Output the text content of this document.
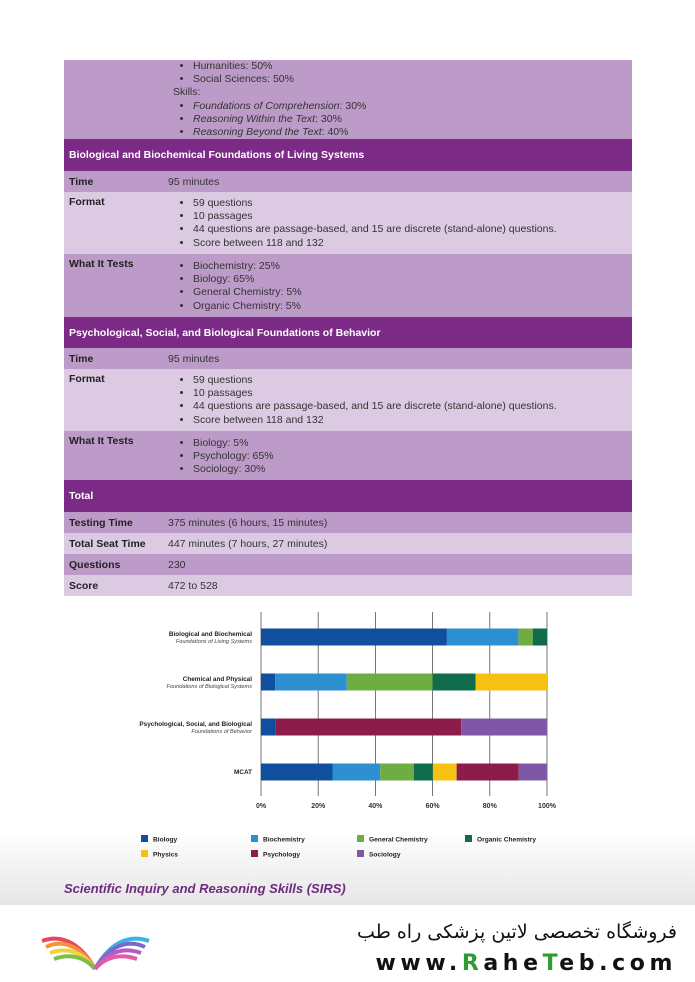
• Humanities: 50%
• Social Sciences: 50%
Skills:
• Foundations of Comprehension: 30%
• Reasoning Within the Text: 30%
• Reasoning Beyond the Text: 40%
Biological and Biochemical Foundations of Living Systems
Time	95 minutes
Format	• 59 questions
• 10 passages
• 44 questions are passage-based, and 15 are discrete (stand-alone) questions.
• Score between 118 and 132
What It Tests	• Biochemistry: 25%
• Biology: 65%
• General Chemistry: 5%
• Organic Chemistry: 5%
Psychological, Social, and Biological Foundations of Behavior
Time	95 minutes
Format	• 59 questions
• 10 passages
• 44 questions are passage-based, and 15 are discrete (stand-alone) questions.
• Score between 118 and 132
What It Tests	• Biology: 5%
• Psychology: 65%
• Sociology: 30%
Total
Testing Time	375 minutes (6 hours, 15 minutes)
Total Seat Time	447 minutes (7 hours, 27 minutes)
Questions	230
Score	472 to 528
0%	20%	40%	60%	80%	100%
Biological and Biochemical
Foundations of Living Systems
Chemical and Physical
Foundations of Biological Systems
Psychological, Social, and Biological
Foundations of Behavior
MCAT
Biology	Biochemistry	General Chemistry	Organic Chemistry
Physics	Psychology	Sociology
Scientific Inquiry and Reasoning Skills (SIRS)
فروشگاه تخصصی لاتین پزشکی راه طب
www.RaheTeb.com
